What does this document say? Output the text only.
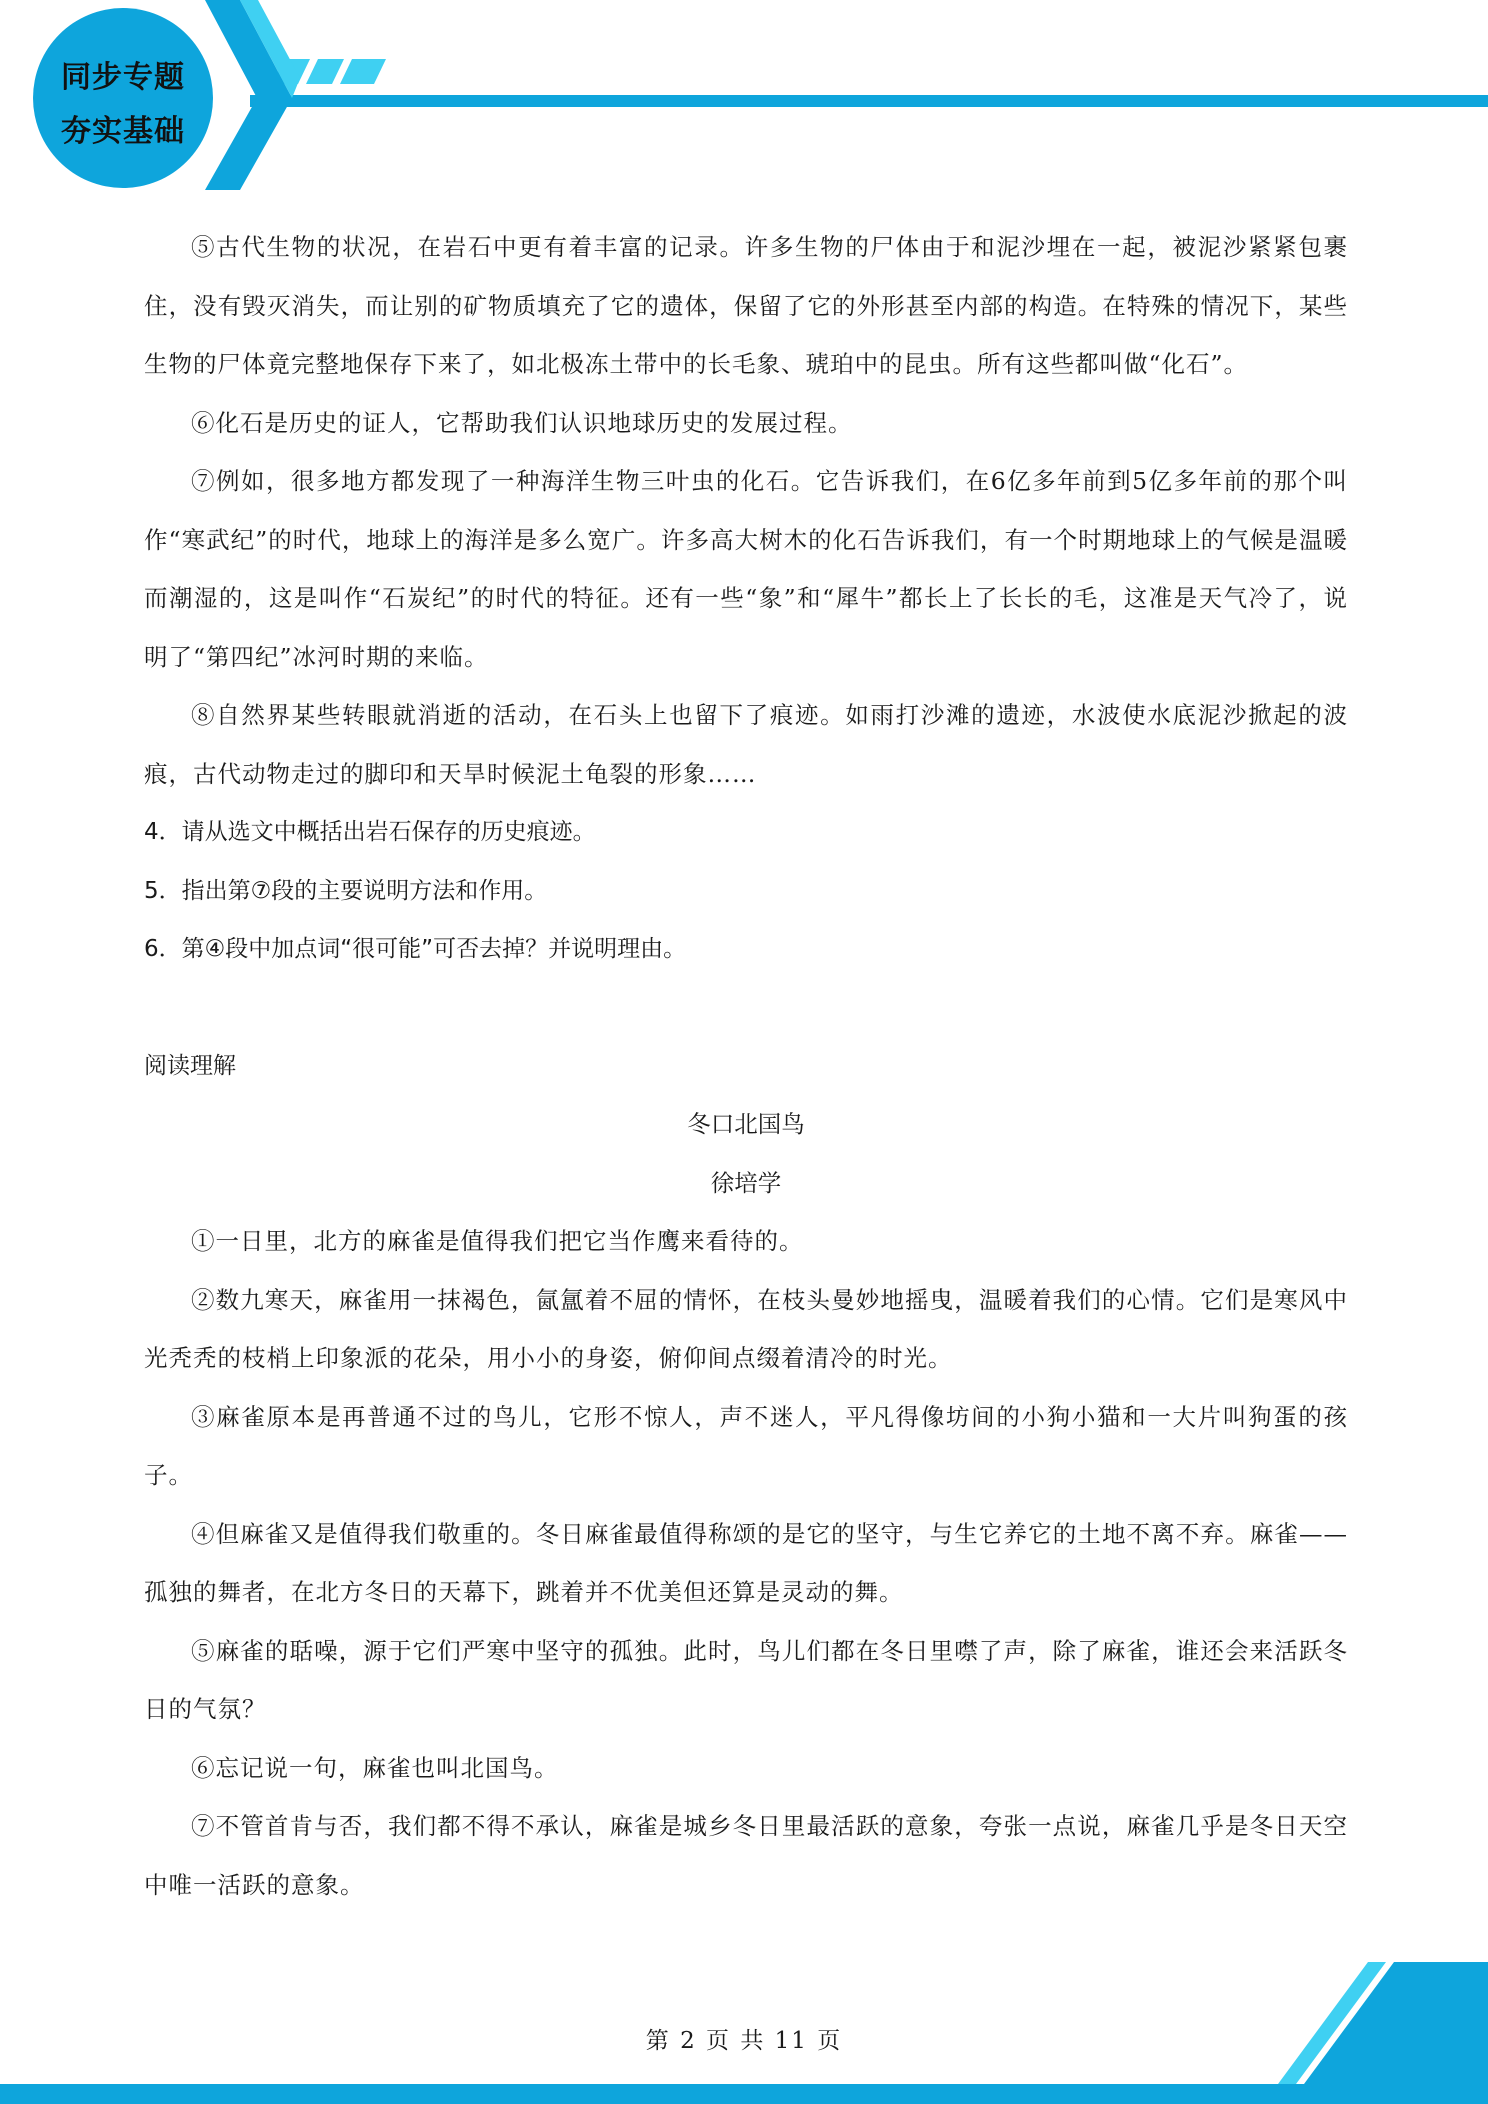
同步专题
夯实基础

⑤古代生物的状况，在岩石中更有着丰富的记录。许多生物的尸体由于和泥沙埋在一起，被泥沙紧紧包裹住，没有毁灭消失，而让别的矿物质填充了它的遗体，保留了它的外形甚至内部的构造。在特殊的情况下，某些生物的尸体竟完整地保存下来了，如北极冻土带中的长毛象、琥珀中的昆虫。所有这些都叫做“化石”。

⑥化石是历史的证人，它帮助我们认识地球历史的发展过程。

⑦例如，很多地方都发现了一种海洋生物三叶虫的化石。它告诉我们，在6亿多年前到5亿多年前的那个叫作“寒武纪”的时代，地球上的海洋是多么宽广。许多高大树木的化石告诉我们，有一个时期地球上的气候是温暖而潮湿的，这是叫作“石炭纪”的时代的特征。还有一些“象”和“犀牛”都长上了长长的毛，这准是天气冷了，说明了“第四纪”冰河时期的来临。

⑧自然界某些转眼就消逝的活动，在石头上也留下了痕迹。如雨打沙滩的遗迹，水波使水底泥沙掀起的波痕，古代动物走过的脚印和天旱时候泥土龟裂的形象……

4．请从选文中概括出岩石保存的历史痕迹。

5．指出第⑦段的主要说明方法和作用。

6．第④段中加点词“很可能”可否去掉？并说明理由。

阅读理解

冬口北国鸟

徐培学

①一日里，北方的麻雀是值得我们把它当作鹰来看待的。

②数九寒天，麻雀用一抹褐色，氤氲着不屈的情怀，在枝头曼妙地摇曳，温暖着我们的心情。它们是寒风中光秃秃的枝梢上印象派的花朵，用小小的身姿，俯仰间点缀着清冷的时光。

③麻雀原本是再普通不过的鸟儿，它形不惊人，声不迷人，平凡得像坊间的小狗小猫和一大片叫狗蛋的孩子。

④但麻雀又是值得我们敬重的。冬日麻雀最值得称颂的是它的坚守，与生它养它的土地不离不弃。麻雀——孤独的舞者，在北方冬日的天幕下，跳着并不优美但还算是灵动的舞。

⑤麻雀的聒噪，源于它们严寒中坚守的孤独。此时，鸟儿们都在冬日里噤了声，除了麻雀，谁还会来活跃冬日的气氛？

⑥忘记说一句，麻雀也叫北国鸟。

⑦不管首肯与否，我们都不得不承认，麻雀是城乡冬日里最活跃的意象，夸张一点说，麻雀几乎是冬日天空中唯一活跃的意象。

第 2 页 共 11 页
